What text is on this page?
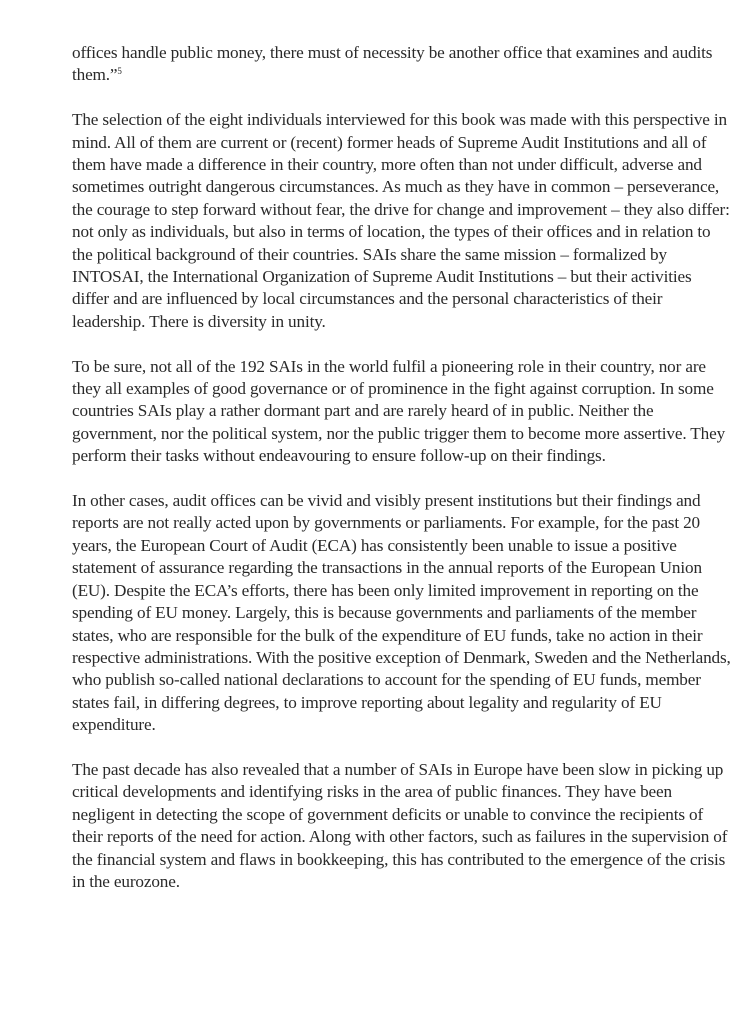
offices handle public money, there must of necessity be another office that examines and audits them.”$^5$

The selection of the eight individuals interviewed for this book was made with this perspective in mind. All of them are current or (recent) former heads of Supreme Audit Institutions and all of them have made a difference in their country, more often than not under difficult, adverse and sometimes outright dangerous circumstances. As much as they have in common – perseverance, the courage to step forward without fear, the drive for change and improvement – they also differ: not only as individuals, but also in terms of location, the types of their offices and in relation to the political background of their countries. SAIs share the same mission – formalized by INTOSAI, the International Organization of Supreme Audit Institutions – but their activities differ and are influenced by local circumstances and the personal characteristics of their leadership. There is diversity in unity.

To be sure, not all of the 192 SAIs in the world fulfil a pioneering role in their country, nor are they all examples of good governance or of prominence in the fight against corruption. In some countries SAIs play a rather dormant part and are rarely heard of in public. Neither the government, nor the political system, nor the public trigger them to become more assertive. They perform their tasks without endeavouring to ensure follow-up on their findings.

In other cases, audit offices can be vivid and visibly present institutions but their findings and reports are not really acted upon by governments or parliaments. For example, for the past 20 years, the European Court of Audit (ECA) has consistently been unable to issue a positive statement of assurance regarding the transactions in the annual reports of the European Union (EU). Despite the ECA’s efforts, there has been only limited improvement in reporting on the spending of EU money. Largely, this is because governments and parliaments of the member states, who are responsible for the bulk of the expenditure of EU funds, take no action in their respective administrations. With the positive exception of Denmark, Sweden and the Netherlands, who publish so-called national declarations to account for the spending of EU funds, member states fail, in differing degrees, to improve reporting about legality and regularity of EU expenditure.

The past decade has also revealed that a number of SAIs in Europe have been slow in picking up critical developments and identifying risks in the area of public finances. They have been negligent in detecting the scope of government deficits or unable to convince the recipients of their reports of the need for action. Along with other factors, such as failures in the supervision of the financial system and flaws in bookkeeping, this has contributed to the emergence of the crisis in the eurozone.
